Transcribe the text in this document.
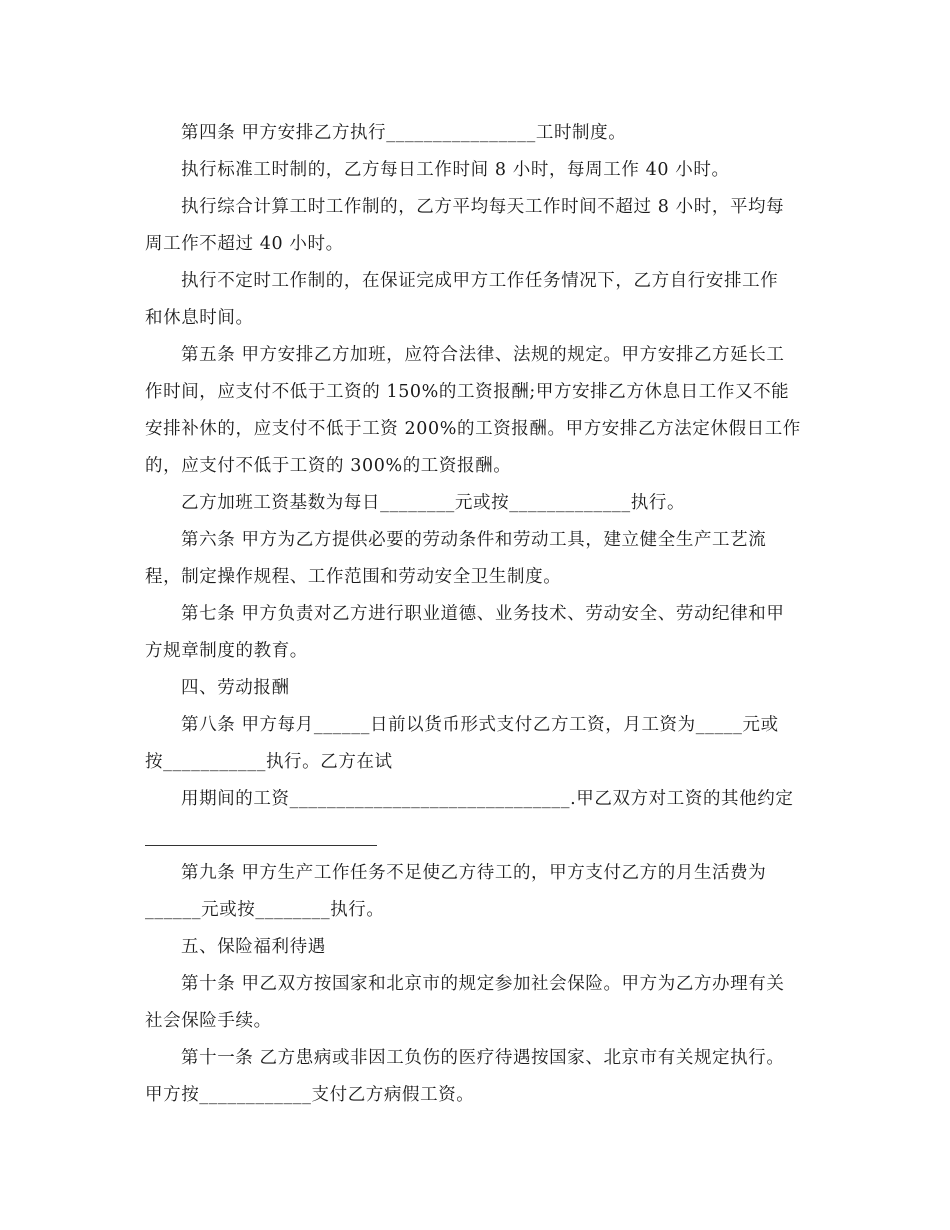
第四条 甲方安排乙方执行________________工时制度。

执行标准工时制的，乙方每日工作时间 8 小时，每周工作 40 小时。

执行综合计算工时工作制的，乙方平均每天工作时间不超过 8 小时，平均每

周工作不超过 40 小时。

执行不定时工作制的，在保证完成甲方工作任务情况下，乙方自行安排工作

和休息时间。

第五条 甲方安排乙方加班，应符合法律、法规的规定。甲方安排乙方延长工

作时间，应支付不低于工资的 150%的工资报酬;甲方安排乙方休息日工作又不能

安排补休的，应支付不低于工资 200%的工资报酬。甲方安排乙方法定休假日工作

的，应支付不低于工资的 300%的工资报酬。

乙方加班工资基数为每日________元或按_____________执行。

第六条 甲方为乙方提供必要的劳动条件和劳动工具，建立健全生产工艺流

程，制定操作规程、工作范围和劳动安全卫生制度。

第七条 甲方负责对乙方进行职业道德、业务技术、劳动安全、劳动纪律和甲

方规章制度的教育。

四、劳动报酬

第八条 甲方每月______日前以货币形式支付乙方工资，月工资为_____元或

按___________执行。乙方在试

用期间的工资______________________________.甲乙双方对工资的其他约定

第九条 甲方生产工作任务不足使乙方待工的，甲方支付乙方的月生活费为

______元或按________执行。

五、保险福利待遇

第十条 甲乙双方按国家和北京市的规定参加社会保险。甲方为乙方办理有关

社会保险手续。

第十一条 乙方患病或非因工负伤的医疗待遇按国家、北京市有关规定执行。

甲方按____________支付乙方病假工资。
